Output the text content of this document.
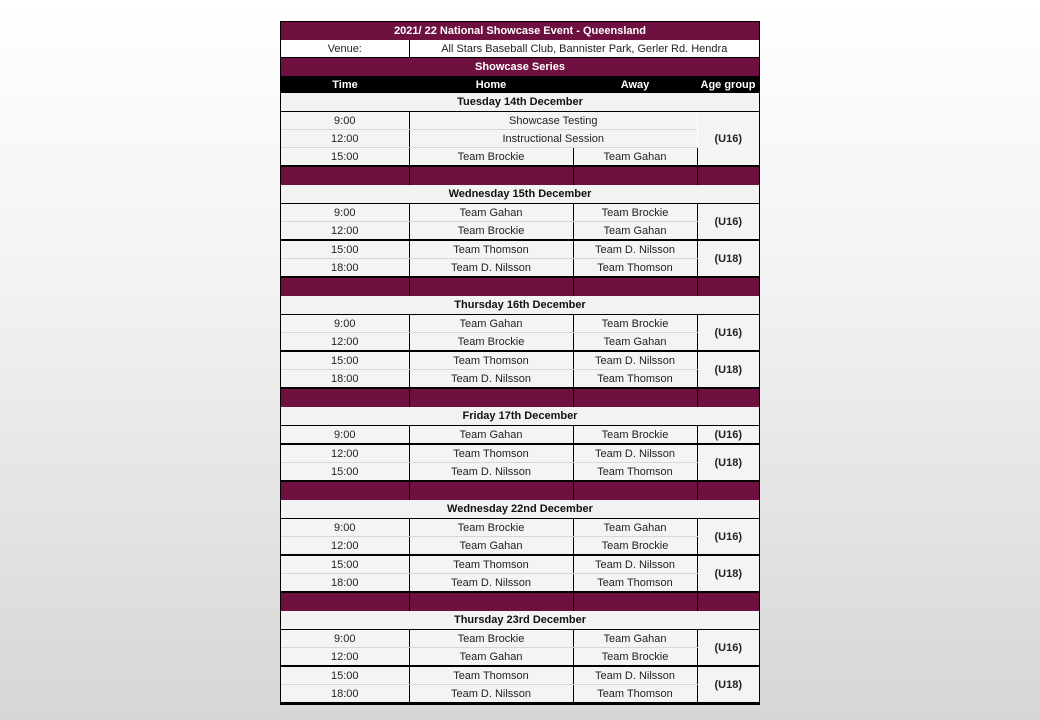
2021/ 22 National Showcase Event - Queensland			
Venue:	All Stars Baseball Club, Bannister Park, Gerler Rd. Hendra		
Showcase Series			
Time	Home	Away	Age group
Tuesday 14th December			
9:00	Showcase Testing		(U16)
12:00	Instructional Session		
15:00	Team Brockie	Team Gahan	

Wednesday 15th December			
9:00	Team Gahan	Team Brockie	(U16)
12:00	Team Brockie	Team Gahan	
15:00	Team Thomson	Team D. Nilsson	(U18)
18:00	Team D. Nilsson	Team Thomson	

Thursday 16th December			
9:00	Team Gahan	Team Brockie	(U16)
12:00	Team Brockie	Team Gahan	
15:00	Team Thomson	Team D. Nilsson	(U18)
18:00	Team D. Nilsson	Team Thomson	

Friday 17th December			
9:00	Team Gahan	Team Brockie	(U16)
12:00	Team Thomson	Team D. Nilsson	(U18)
15:00	Team D. Nilsson	Team Thomson	

Wednesday 22nd December			
9:00	Team Brockie	Team Gahan	(U16)
12:00	Team Gahan	Team Brockie	
15:00	Team Thomson	Team D. Nilsson	(U18)
18:00	Team D. Nilsson	Team Thomson	

Thursday 23rd December			
9:00	Team Brockie	Team Gahan	(U16)
12:00	Team Gahan	Team Brockie	
15:00	Team Thomson	Team D. Nilsson	(U18)
18:00	Team D. Nilsson	Team Thomson	
